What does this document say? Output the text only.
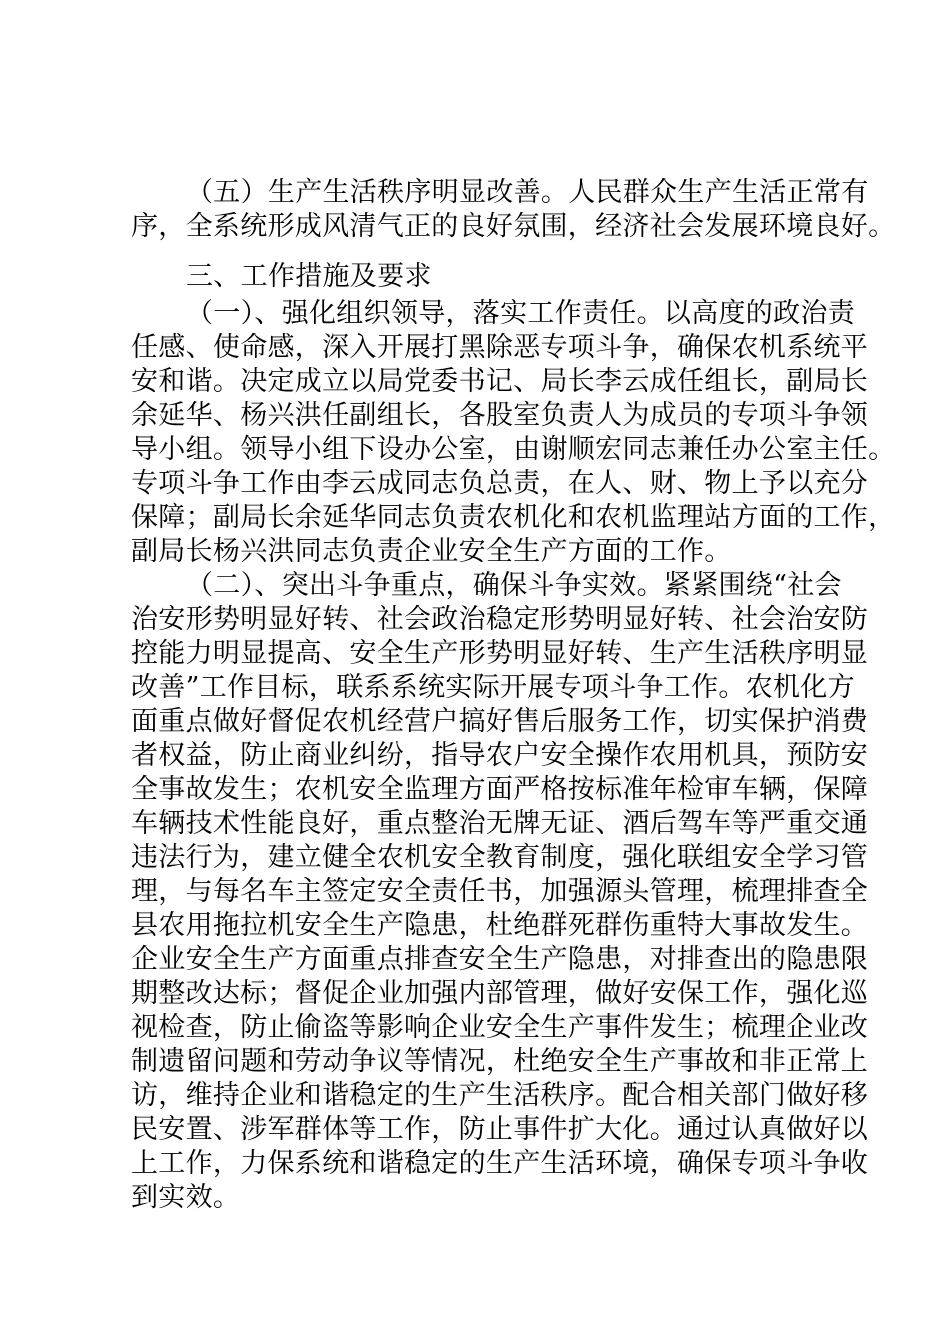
（五）生产生活秩序明显改善。人民群众生产生活正常有
序，全系统形成风清气正的良好氛围，经济社会发展环境良好。
三、工作措施及要求
（一）、强化组织领导，落实工作责任。以高度的政治责
任感、使命感，深入开展打黑除恶专项斗争，确保农机系统平
安和谐。决定成立以局党委书记、局长李云成任组长，副局长
余延华、杨兴洪任副组长，各股室负责人为成员的专项斗争领
导小组。领导小组下设办公室，由谢顺宏同志兼任办公室主任。
专项斗争工作由李云成同志负总责，在人、财、物上予以充分
保障；副局长余延华同志负责农机化和农机监理站方面的工作，
副局长杨兴洪同志负责企业安全生产方面的工作。
（二）、突出斗争重点，确保斗争实效。紧紧围绕“社会
治安形势明显好转、社会政治稳定形势明显好转、社会治安防
控能力明显提高、安全生产形势明显好转、生产生活秩序明显
改善”工作目标，联系系统实际开展专项斗争工作。农机化方
面重点做好督促农机经营户搞好售后服务工作，切实保护消费
者权益，防止商业纠纷，指导农户安全操作农用机具，预防安
全事故发生；农机安全监理方面严格按标准年检审车辆，保障
车辆技术性能良好，重点整治无牌无证、酒后驾车等严重交通
违法行为，建立健全农机安全教育制度，强化联组安全学习管
理，与每名车主签定安全责任书，加强源头管理，梳理排查全
县农用拖拉机安全生产隐患，杜绝群死群伤重特大事故发生。
企业安全生产方面重点排查安全生产隐患，对排查出的隐患限
期整改达标；督促企业加强内部管理，做好安保工作，强化巡
视检查，防止偷盗等影响企业安全生产事件发生；梳理企业改
制遗留问题和劳动争议等情况，杜绝安全生产事故和非正常上
访，维持企业和谐稳定的生产生活秩序。配合相关部门做好移
民安置、涉军群体等工作，防止事件扩大化。通过认真做好以
上工作，力保系统和谐稳定的生产生活环境，确保专项斗争收
到实效。
